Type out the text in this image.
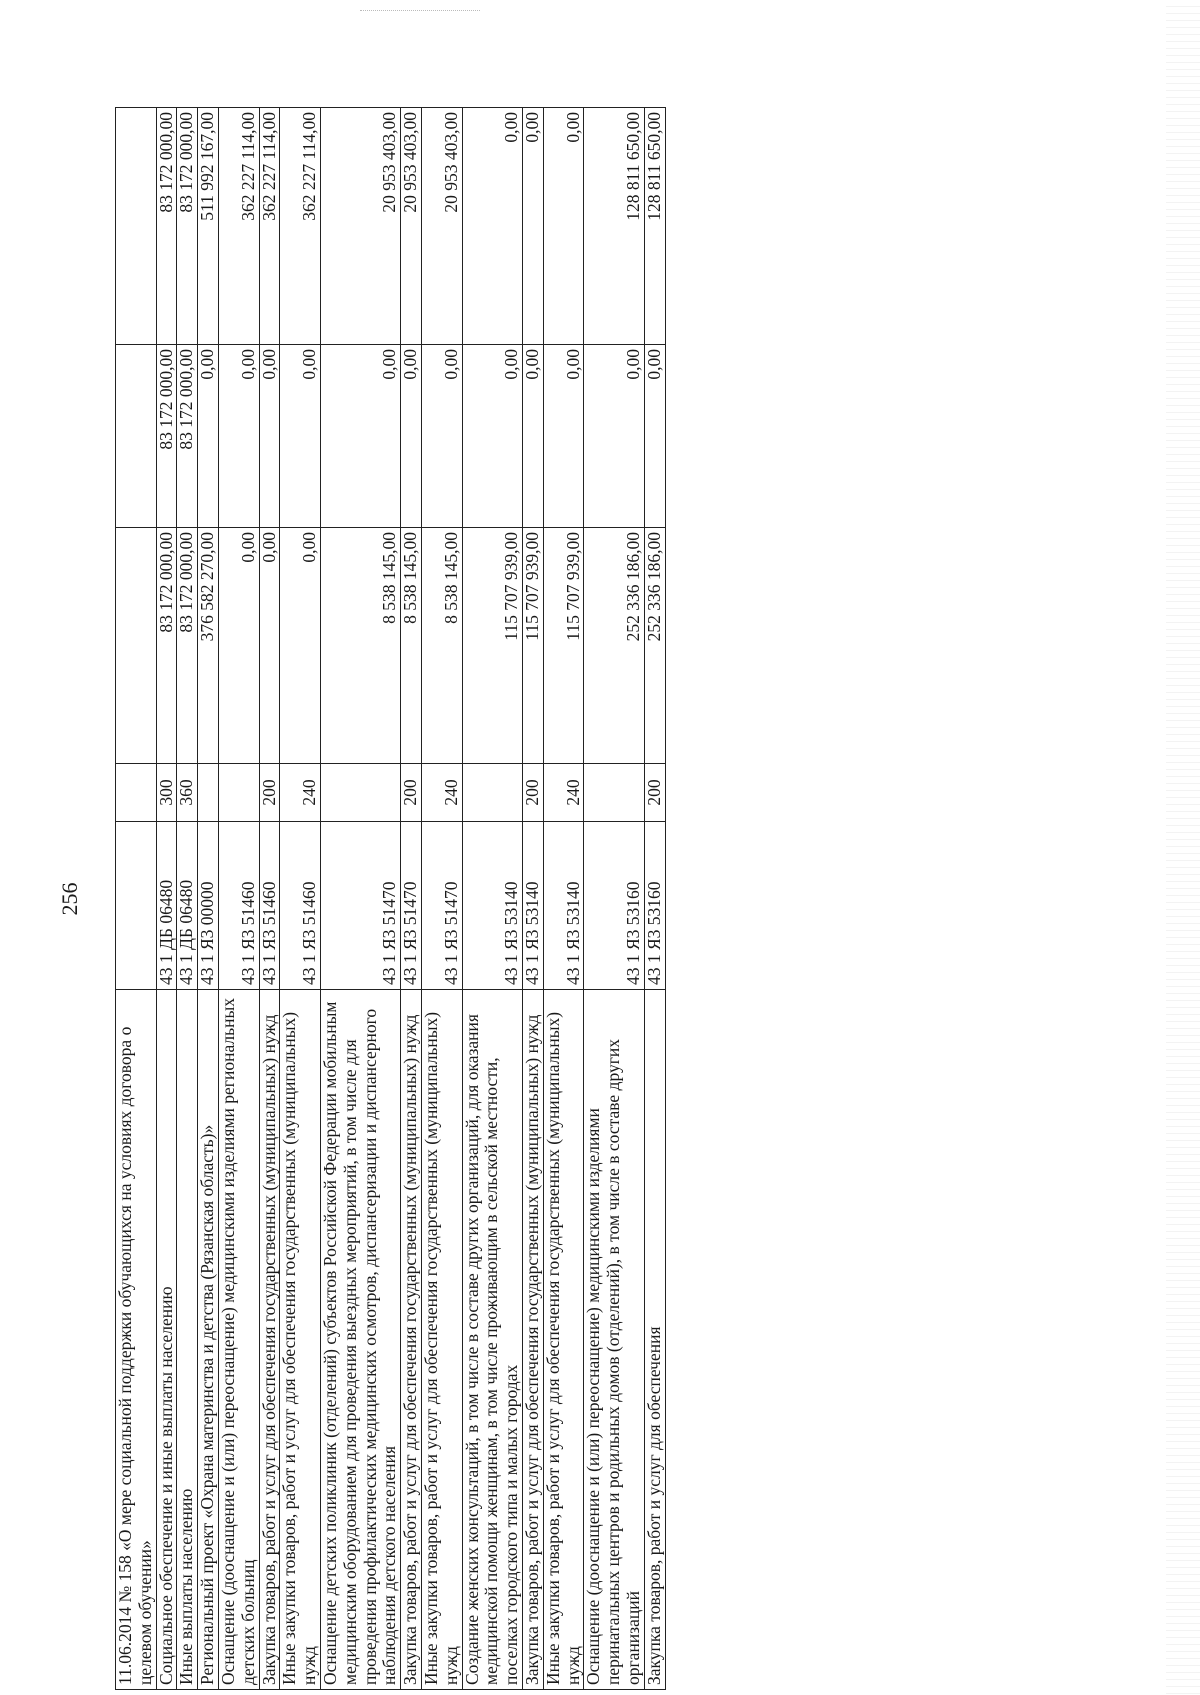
256
11.06.2014 № 158 «О мере социальной поддержки обучающихся на условиях договора о целевом обучении»					
Социальное обеспечение и иные выплаты населению	43 1 ДБ 06480	300	83 172 000,00	83 172 000,00	83 172 000,00
Иные выплаты населению	43 1 ДБ 06480	360	83 172 000,00	83 172 000,00	83 172 000,00
Региональный проект «Охрана материнства и детства (Рязанская область)»	43 1 Я3 00000		376 582 270,00	0,00	511 992 167,00
Оснащение (дооснащение и (или) переоснащение) медицинскими изделиями региональных детских больниц	43 1 Я3 51460		0,00	0,00	362 227 114,00
Закупка товаров, работ и услуг для обеспечения государственных (муниципальных) нужд	43 1 Я3 51460	200	0,00	0,00	362 227 114,00
Иные закупки товаров, работ и услуг для обеспечения государственных (муниципальных) нужд	43 1 Я3 51460	240	0,00	0,00	362 227 114,00
Оснащение детских поликлиник (отделений) субъектов Российской Федерации мобильным медицинским оборудованием для проведения выездных мероприятий, в том числе для проведения профилактических медицинских осмотров, диспансеризации и диспансерного наблюдения детского населения	43 1 Я3 51470		8 538 145,00	0,00	20 953 403,00
Закупка товаров, работ и услуг для обеспечения государственных (муниципальных) нужд	43 1 Я3 51470	200	8 538 145,00	0,00	20 953 403,00
Иные закупки товаров, работ и услуг для обеспечения государственных (муниципальных) нужд	43 1 Я3 51470	240	8 538 145,00	0,00	20 953 403,00
Создание женских консультаций, в том числе в составе других организаций, для оказания медицинской помощи женщинам, в том числе проживающим в сельской местности, поселках городского типа и малых городах	43 1 Я3 53140		115 707 939,00	0,00	0,00
Закупка товаров, работ и услуг для обеспечения государственных (муниципальных) нужд	43 1 Я3 53140	200	115 707 939,00	0,00	0,00
Иные закупки товаров, работ и услуг для обеспечения государственных (муниципальных) нужд	43 1 Я3 53140	240	115 707 939,00	0,00	0,00
Оснащение (дооснащение и (или) переоснащение) медицинскими изделиями перинатальных центров и родильных домов (отделений), в том числе в составе других организаций	43 1 Я3 53160		252 336 186,00	0,00	128 811 650,00
Закупка товаров, работ и услуг для обеспечения	43 1 Я3 53160	200	252 336 186,00	0,00	128 811 650,00
